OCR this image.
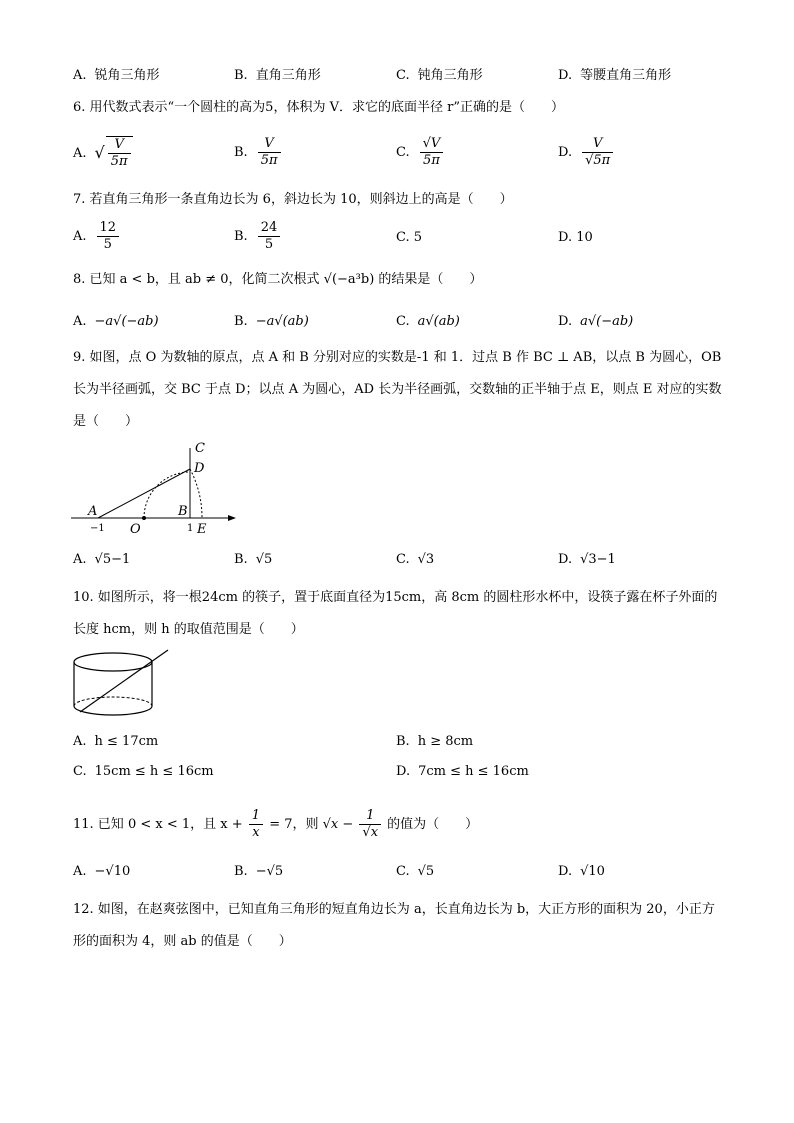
A. 锐角三角形	B. 直角三角形	C. 钝角三角形	D. 等腰直角三角形
6. 用代数式表示“一个圆柱的高为5，体积为 V．求它的底面半径 r”正确的是（　　）
A. √ $\frac{V}{5\pi}$	B. $\frac{V}{5\pi}$	C. $\frac{√V}{5\pi}$	D. $\frac{V}{√5\pi}$
7. 若直角三角形一条直角边长为 6，斜边长为 10，则斜边上的高是（　　）
A. $\frac{12}{5}$	B. $\frac{24}{5}$	C. 5	D. 10
8. 已知 a < b，且 ab ≠ 0，化简二次根式 √(−a³b) 的结果是（　　）
A. −a√(−ab)	B. −a√(ab)	C. a√(ab)	D. a√(−ab)
9. 如图，点 O 为数轴的原点，点 A 和 B 分别对应的实数是-1 和 1．过点 B 作 BC ⊥ AB，以点 B 为圆心，OB 长为半径画弧，交 BC 于点 D；以点 A 为圆心，AD 长为半径画弧，交数轴的正半轴于点 E，则点 E 对应的实数是（　　）
C
D
A	B
O	E
−1	1
A. √5−1	B. √5	C. √3	D. √3−1
10. 如图所示，将一根24cm 的筷子，置于底面直径为15cm，高 8cm 的圆柱形水杯中，设筷子露在杯子外面的长度 hcm，则 h 的取值范围是（　　）
A. h ≤ 17cm	B. h ≥ 8cm
C. 15cm ≤ h ≤ 16cm	D. 7cm ≤ h ≤ 16cm
11. 已知 0 < x < 1，且 $x + \frac{1}{x} = 7$，则 $√x - \frac{1}{√x}$ 的值为（　　）
A. −√10	B. −√5	C. √5	D. √10
12. 如图，在赵爽弦图中，已知直角三角形的短直角边长为 a，长直角边长为 b，大正方形的面积为 20，小正方形的面积为 4，则 ab 的值是（　　）
